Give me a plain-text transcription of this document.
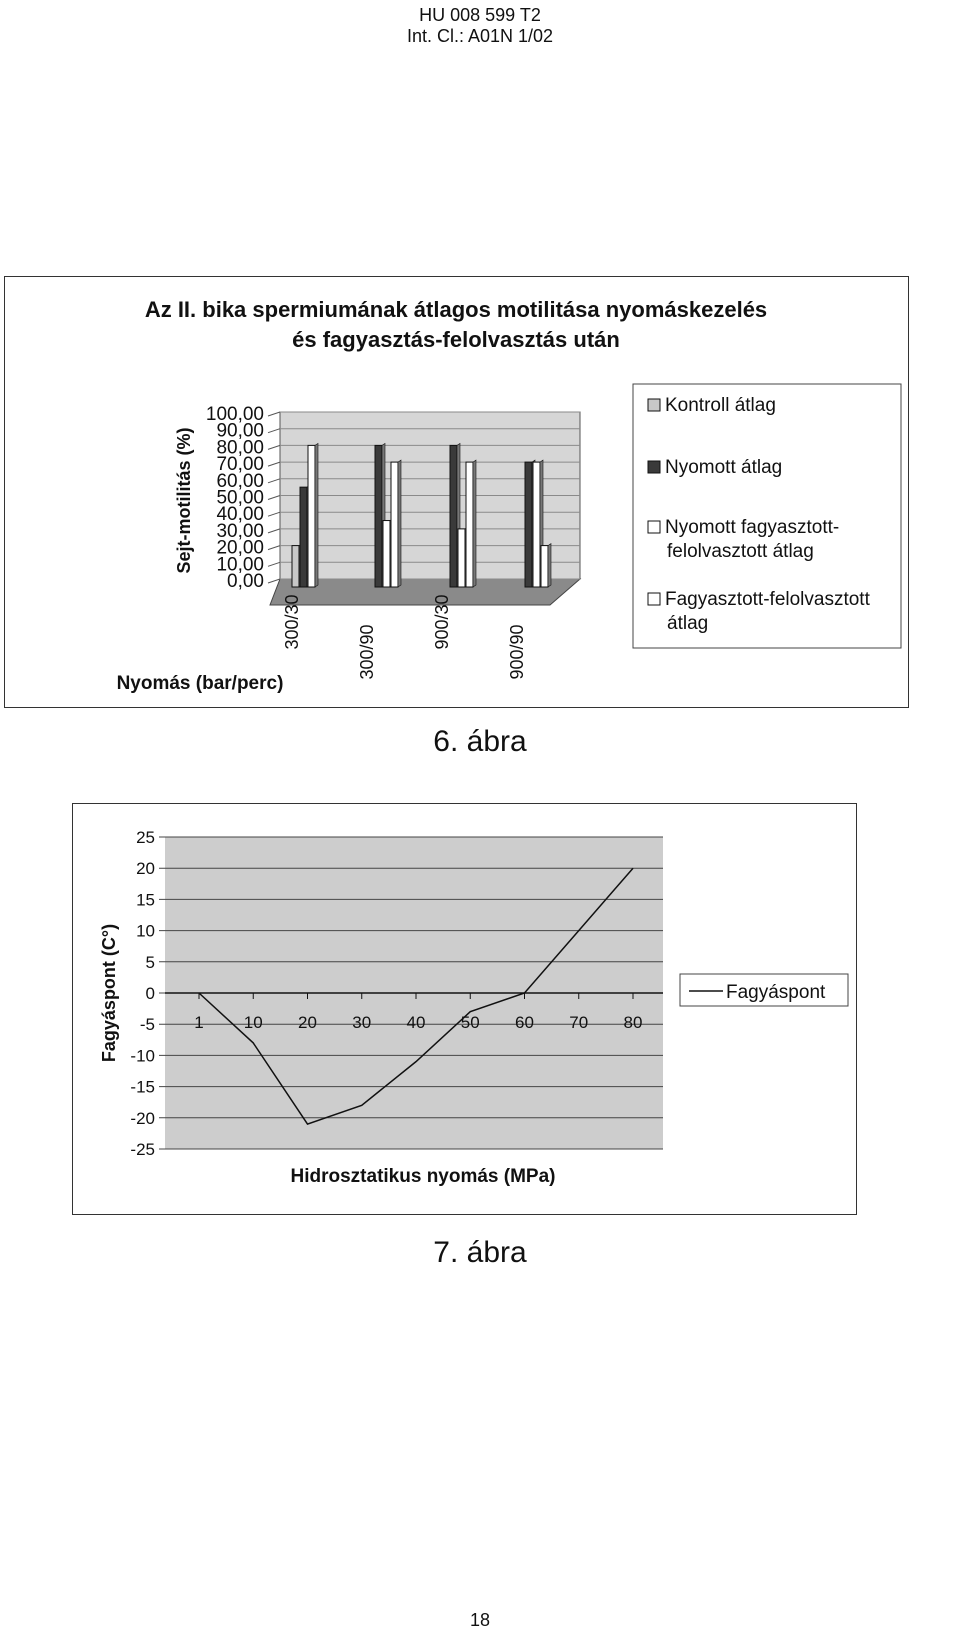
HU 008 599 T2
Int. Cl.: A01N 1/02
Az II. bika spermiumának átlagos motilitása nyomáskezelés
és fagyasztás-felolvasztás után
100,00
90,00
80,00
70,00
60,00
50,00
40,00
30,00
20,00
10,00
0,00
Sejt-motilitás (%)
300/30
300/90
900/30
900/90
Nyomás (bar/perc)
Kontroll átlag
Nyomott átlag
Nyomott fagyasztott-
felolvasztott átlag
Fagyasztott-felolvasztott
átlag
6. ábra
25
20
15
10
5
0
-5
-10
-15
-20
-25
1 10 20 30 40 50 60 70 80
Fagyáspont (C°)
Hidrosztatikus nyomás (MPa)
Fagyáspont
7. ábra
18
